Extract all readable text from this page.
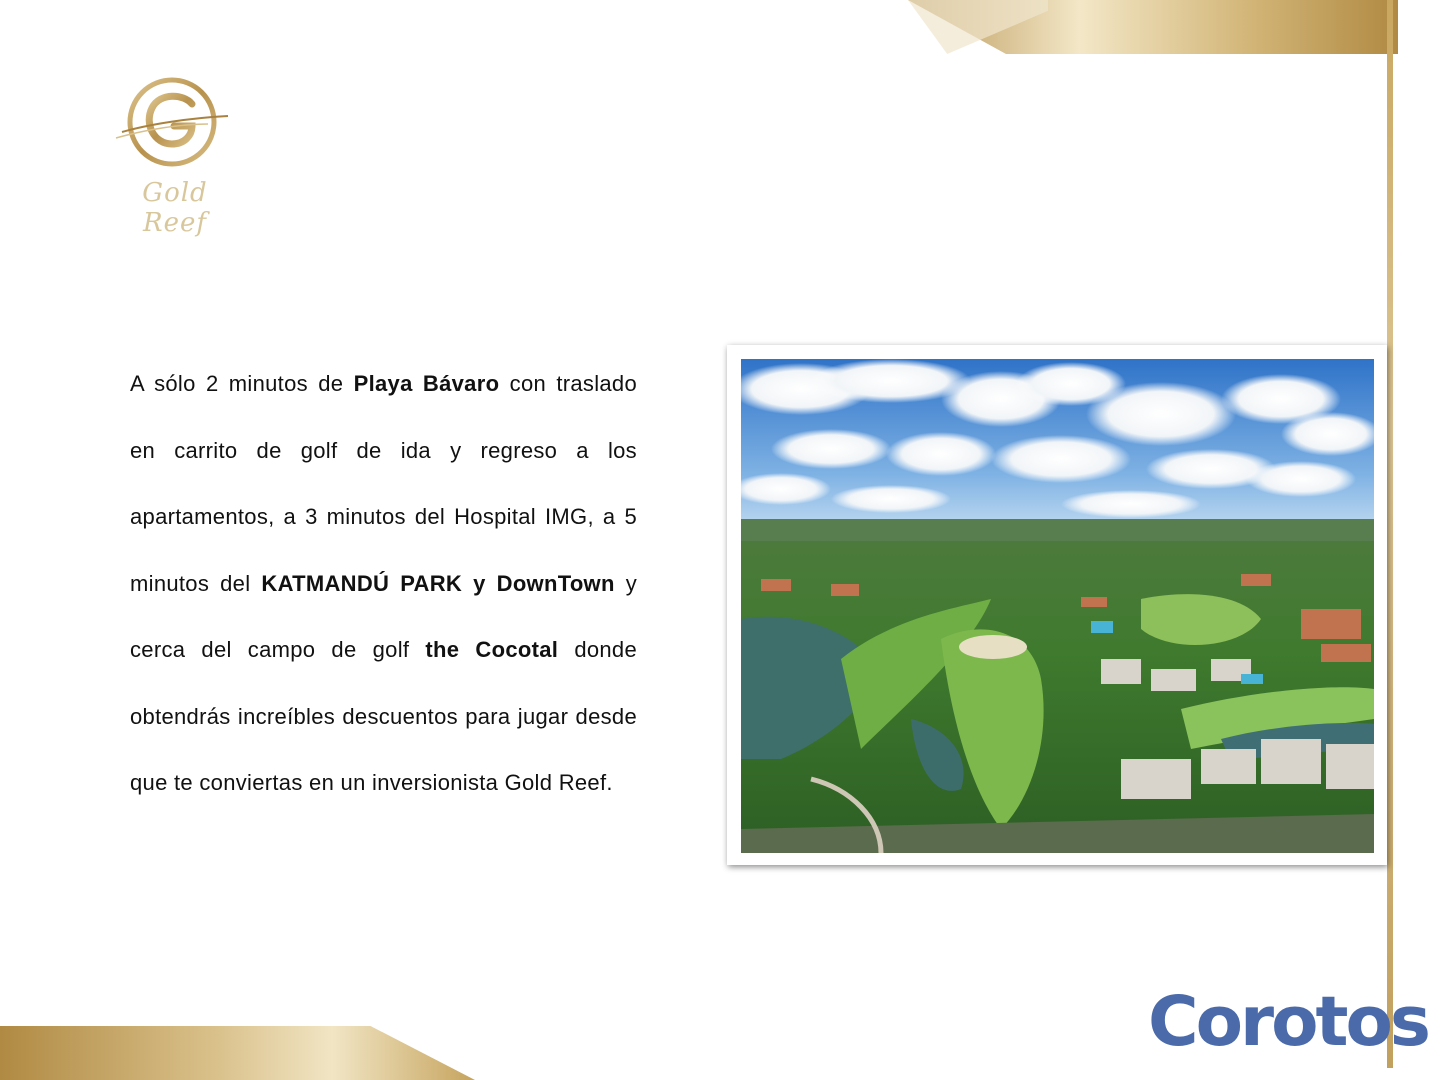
Gold Reef
A sólo 2 minutos de Playa Bávaro con traslado en carrito de golf de ida y regreso a los apartamentos, a 3 minutos del Hospital IMG, a 5 minutos del KATMANDÚ PARK y DownTown y cerca del campo de golf the Cocotal donde obtendrás increíbles descuentos para jugar desde que te conviertas en un inversionista Gold Reef.
Corotos
